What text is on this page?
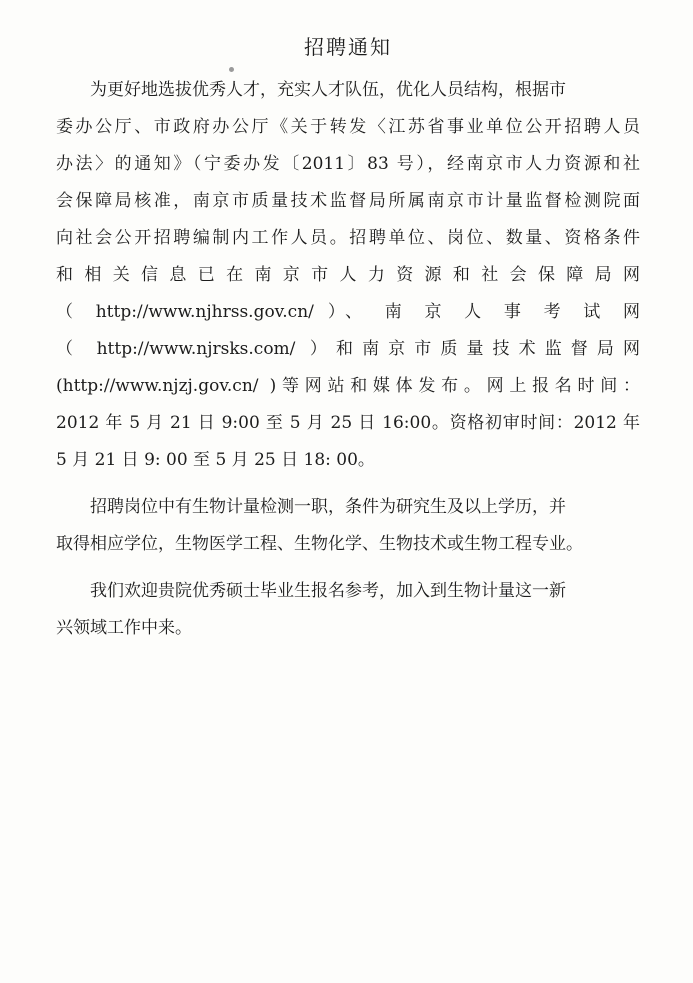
招聘通知
为更好地选拔优秀人才，充实人才队伍，优化人员结构，根据市
委办公厅、市政府办公厅《关于转发〈江苏省事业单位公开招聘人员
办法〉的通知》（宁委办发〔2011〕83 号），经南京市人力资源和社
会保障局核准，南京市质量技术监督局所属南京市计量监督检测院面
向社会公开招聘编制内工作人员。招聘单位、岗位、数量、资格条件
和相关信息已在南京市人力资源和社会保障局网
（ http://www.njhrss.gov.cn/ ）、 南 京 人 事 考 试 网
（ http://www.njrsks.com/ ）和南京市质量技术监督局网
(http://www.njzj.gov.cn/ )等网站和媒体发布。网上报名时间：
2012 年 5 月 21 日 9:00 至 5 月 25 日 16:00。资格初审时间：2012 年
5 月 21 日 9: 00 至 5 月 25 日 18: 00。
招聘岗位中有生物计量检测一职，条件为研究生及以上学历，并
取得相应学位，生物医学工程、生物化学、生物技术或生物工程专业。
我们欢迎贵院优秀硕士毕业生报名参考，加入到生物计量这一新
兴领域工作中来。
